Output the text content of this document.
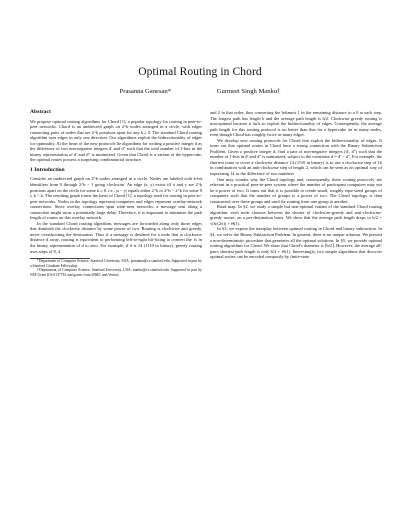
Optimal Routing in Chord
Prasanna Ganesan*	Gurmeet Singh Manku†
Abstract

We propose optimal routing algorithms for Chord [1], a popular topology for routing in peer-to-peer networks. Chord is an undirected graph on 2^b nodes arranged in a circle, with edges connecting pairs of nodes that are 2^k positions apart for any k ≥ 0. The standard Chord routing algorithm uses edges in only one direction. Our algorithms exploit the bidirectionality of edges for optimality. At the heart of the new protocols lie algorithms for writing a positive integer d as the difference of two non-negative integers d′ and d″ such that the total number of 1-bits in the binary representation of d′ and d″ is minimized. Given that Chord is a variant of the hypercube, the optimal routes possess a surprising combinatorial structure.

1 Introduction

Consider an undirected graph on 2^b nodes arranged in a circle. Nodes are labeled with b-bit identifiers from 0 through 2^b − 1 going clockwise. An edge (x, y) exists iff x and y are 2^k positions apart on the circle for some k ≥ 0, i.e., |x − y| equals either 2^k or 2^b − 2^k for some 0 ≤ k < b. The resulting graph forms the basis of Chord [1], a topology used for routing in peer-to-peer networks. Nodes in the topology represent computers and edges represent overlay-network connections. Since overlay connections span wide-area networks, a message sent along a connection might incur a potentially large delay. Therefore, it is important to minimize the path length of routes on this overlay network.

In the standard Chord routing algorithm, messages are forwarded along only those edges that diminish the clockwise distance by some power of two. Routing is clockwise and greedy, never overshooting the destination. Thus if a message is destined for a node that is clockwise distance d away, routing is equivalent to performing left-to-right bit-fixing to convert the 1s in the binary representation of d to zero. For example, if d is 14 (1110 in binary), greedy routing uses steps of 8, 4

*Department of Computer Science, Stanford University, USA. prasanna@cs.stanford.edu. Supported in part by a Stanford Graduate Fellowship.

†Department of Computer Science, Stanford University, USA. manku@cs.stanford.edu. Supported in part by NSF Grant IIA-0137761 and grants from SNRC and Veritas.

and 2 in that order, thus converting the leftmost 1 in the remaining distance to a 0 at each step. The longest path has length b and the average path length is b/2. Clockwise greedy routing is non-optimal because it fails to exploit the bidirectionality of edges. Consequently, the average path length for this routing protocol is no better than that for a hypercube on as many nodes, even though Chord has roughly twice as many edges.

We develop new routing protocols for Chord that exploit the bidirectionality of edges. It turns out that optimal routes in Chord have a strong connection with the Binary Subtraction Problem. Given a positive integer d, find a pair of non-negative integers (d′, d″) such that the number of 1-bits in d′ and d″ is minimized, subject to the constraint d = d′ − d″. For example, the shortest route to cover a clockwise distance 14 (1110 in binary) is to use a clockwise step of 16 in combination with an anti-clockwise step of length 2, which can be seen as an optimal way of expressing 14 as the difference of two numbers.

One may wonder why the Chord topology and, consequently, these routing protocols, are relevant in a practical peer-to-peer system where the number of participant computers may not be a power of two. It turns out that it is possible to create small, roughly equi-sized groups of computers such that the number of groups is a power of two. The Chord topology is then constructed over these groups and used for routing from one group to another.

Road map: In §2, we study a simple but non-optimal variant of the standard Chord routing algorithm: each node chooses between the shorter of clockwise-greedy and anti-clockwise-greedy routes, on a per-destination basis. We show that the average path length drops to b/2 − √(b/(2π)) + Θ(1).

In §3, we expose the interplay between optimal routing in Chord and binary subtraction. In §4, we solve the Binary Subtraction Problem. In general, there is no unique solution. We present a non-deterministic procedure that generates all the optimal solutions. In §5, we provide optimal routing algorithms for Chord. We show that Chord's diameter is ⌈b/2⌉. However, the average all-pairs shortest-path length is only b/3 + Θ(1). Interestingly, two simple algorithms that discover optimal routes can be encoded compactly by finite-state
